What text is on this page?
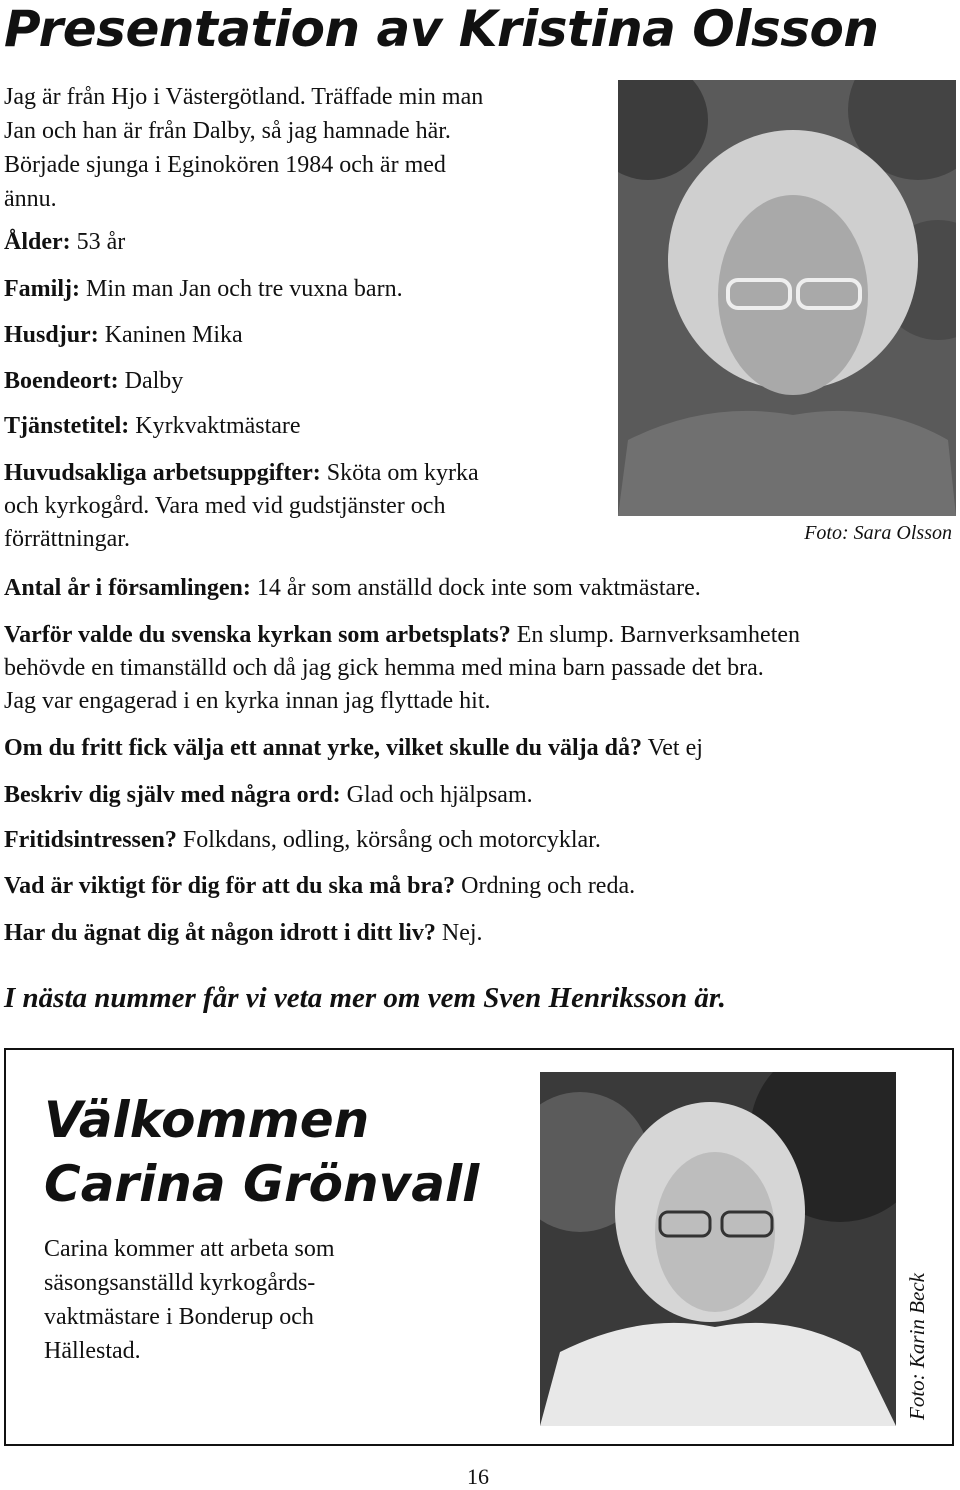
Presentation av Kristina Olsson
Jag är från Hjo i Västergötland. Träffade min man
Jan och han är från Dalby, så jag hamnade här.
Började sjunga i Eginokören 1984 och är med
ännu.
Ålder: 53 år
Familj: Min man Jan och tre vuxna barn.
Husdjur: Kaninen Mika
Boendeort: Dalby
Tjänstetitel: Kyrkvaktmästare
Huvudsakliga arbetsuppgifter: Sköta om kyrka
och kyrkogård. Vara med vid gudstjänster och
förrättningar.	Foto: Sara Olsson
Antal år i församlingen: 14 år som anställd dock inte som vaktmästare.
Varför valde du svenska kyrkan som arbetsplats? En slump. Barnverksamheten
behövde en timanställd och då jag gick hemma med mina barn passade det bra.
Jag var engagerad i en kyrka innan jag flyttade hit.
Om du fritt fick välja ett annat yrke, vilket skulle du välja då? Vet ej
Beskriv dig själv med några ord: Glad och hjälpsam.
Fritidsintressen? Folkdans, odling, körsång och motorcyklar.
Vad är viktigt för dig för att du ska må bra? Ordning och reda.
Har du ägnat dig åt någon idrott i ditt liv? Nej.
I nästa nummer får vi veta mer om vem Sven Henriksson är.
Välkommen
Carina Grönvall
Carina kommer att arbeta som
säsongsanställd kyrkogårds-
vaktmästare i Bonderup och
Hällestad.	Foto: Karin Beck
16
